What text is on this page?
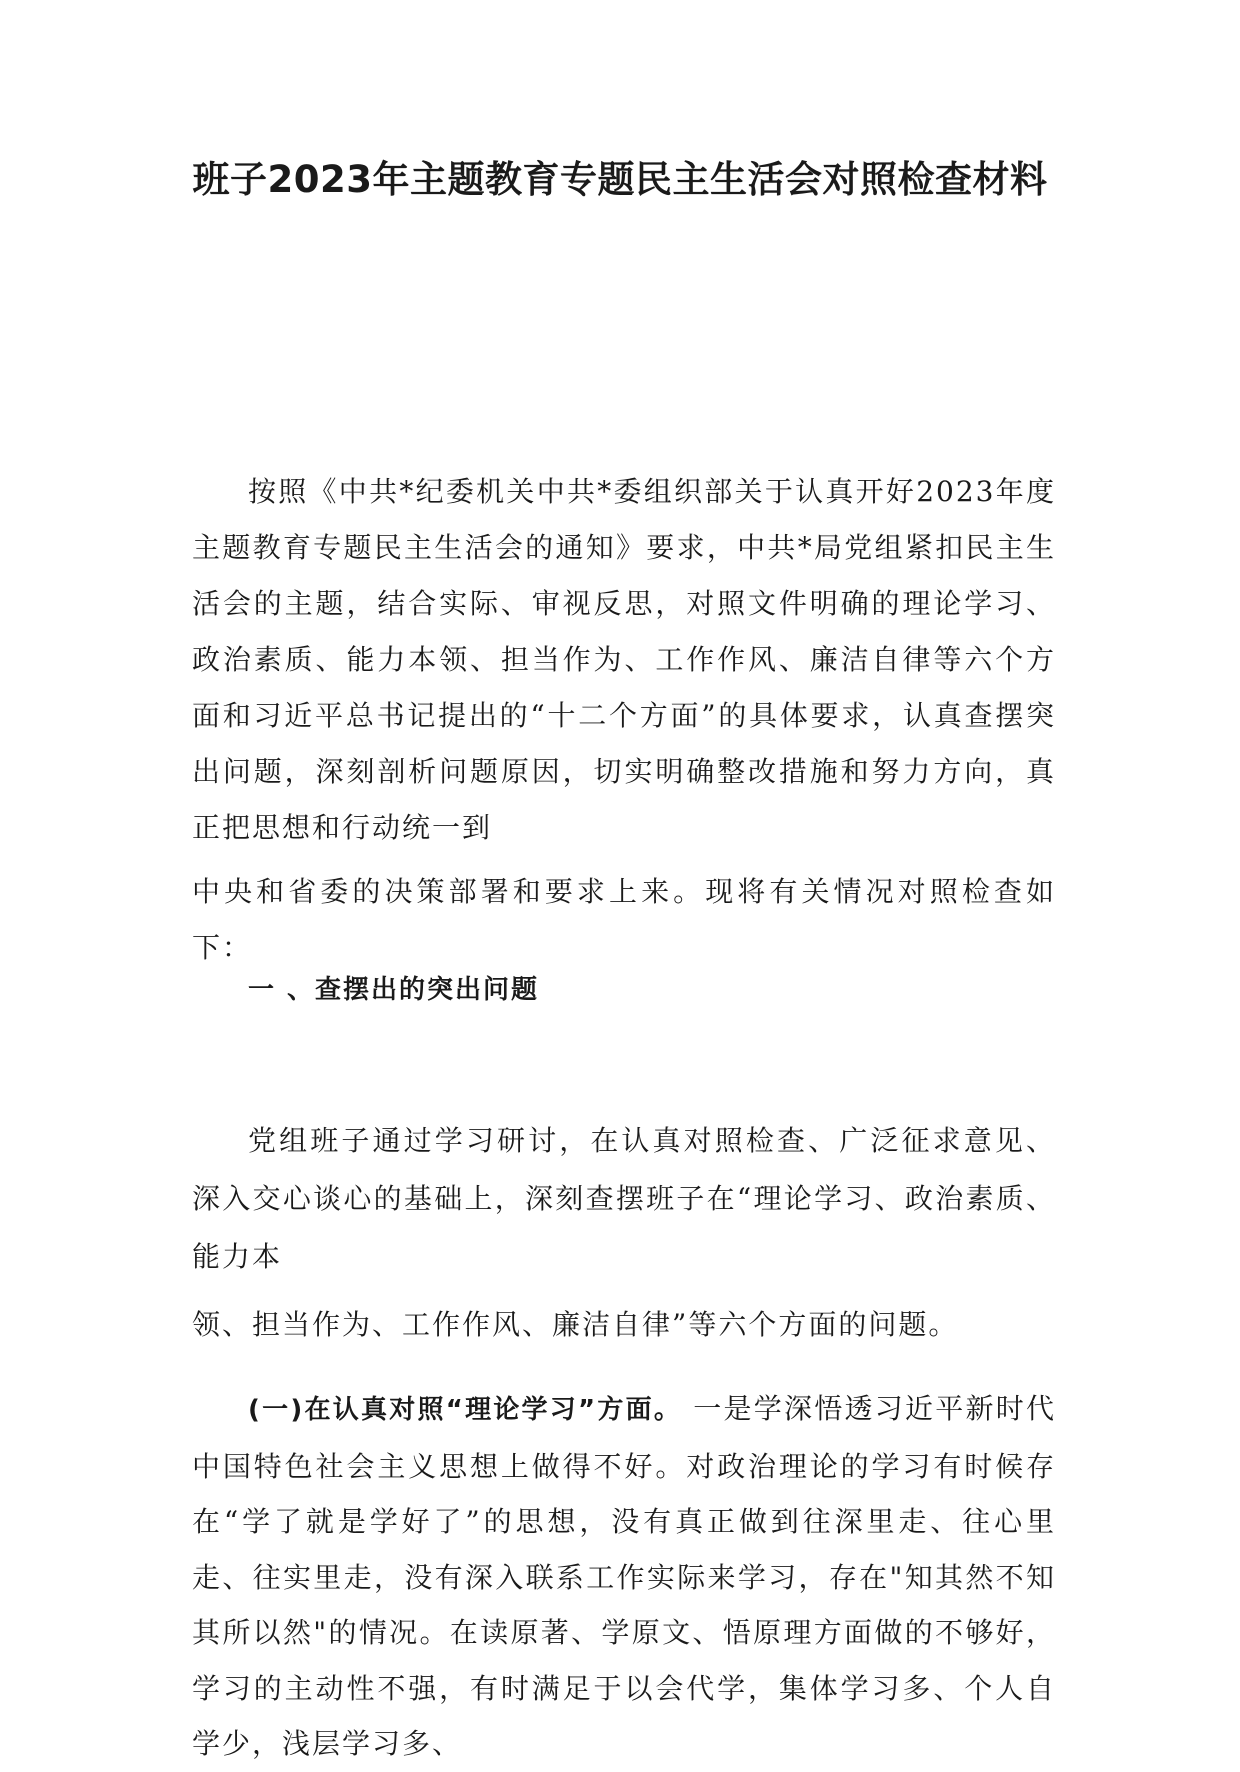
班子2023年主题教育专题民主生活会对照检查材料

按照《中共*纪委机关中共*委组织部关于认真开好2023年度主题教育专题民主生活会的通知》要求，中共*局党组紧扣民主生活会的主题，结合实际、审视反思，对照文件明确的理论学习、政治素质、能力本领、担当作为、工作作风、廉洁自律等六个方面和习近平总书记提出的“十二个方面”的具体要求，认真查摆突出问题，深刻剖析问题原因，切实明确整改措施和努力方向，真正把思想和行动统一到
中央和省委的决策部署和要求上来。现将有关情况对照检查如下：

一 、查摆出的突出问题

党组班子通过学习研讨，在认真对照检查、广泛征求意见、深入交心谈心的基础上，深刻查摆班子在“理论学习、政治素质、能力本
领、担当作为、工作作风、廉洁自律”等六个方面的问题。

(一)在认真对照“理论学习”方面。 一是学深悟透习近平新时代中国特色社会主义思想上做得不好。对政治理论的学习有时候存在“学了就是学好了”的思想，没有真正做到往深里走、往心里走、往实里走，没有深入联系工作实际来学习，存在"知其然不知其所以然"的情况。在读原著、学原文、悟原理方面做的不够好，学习的主动性不强，有时满足于以会代学，集体学习多、个人自学少，浅层学习多、
